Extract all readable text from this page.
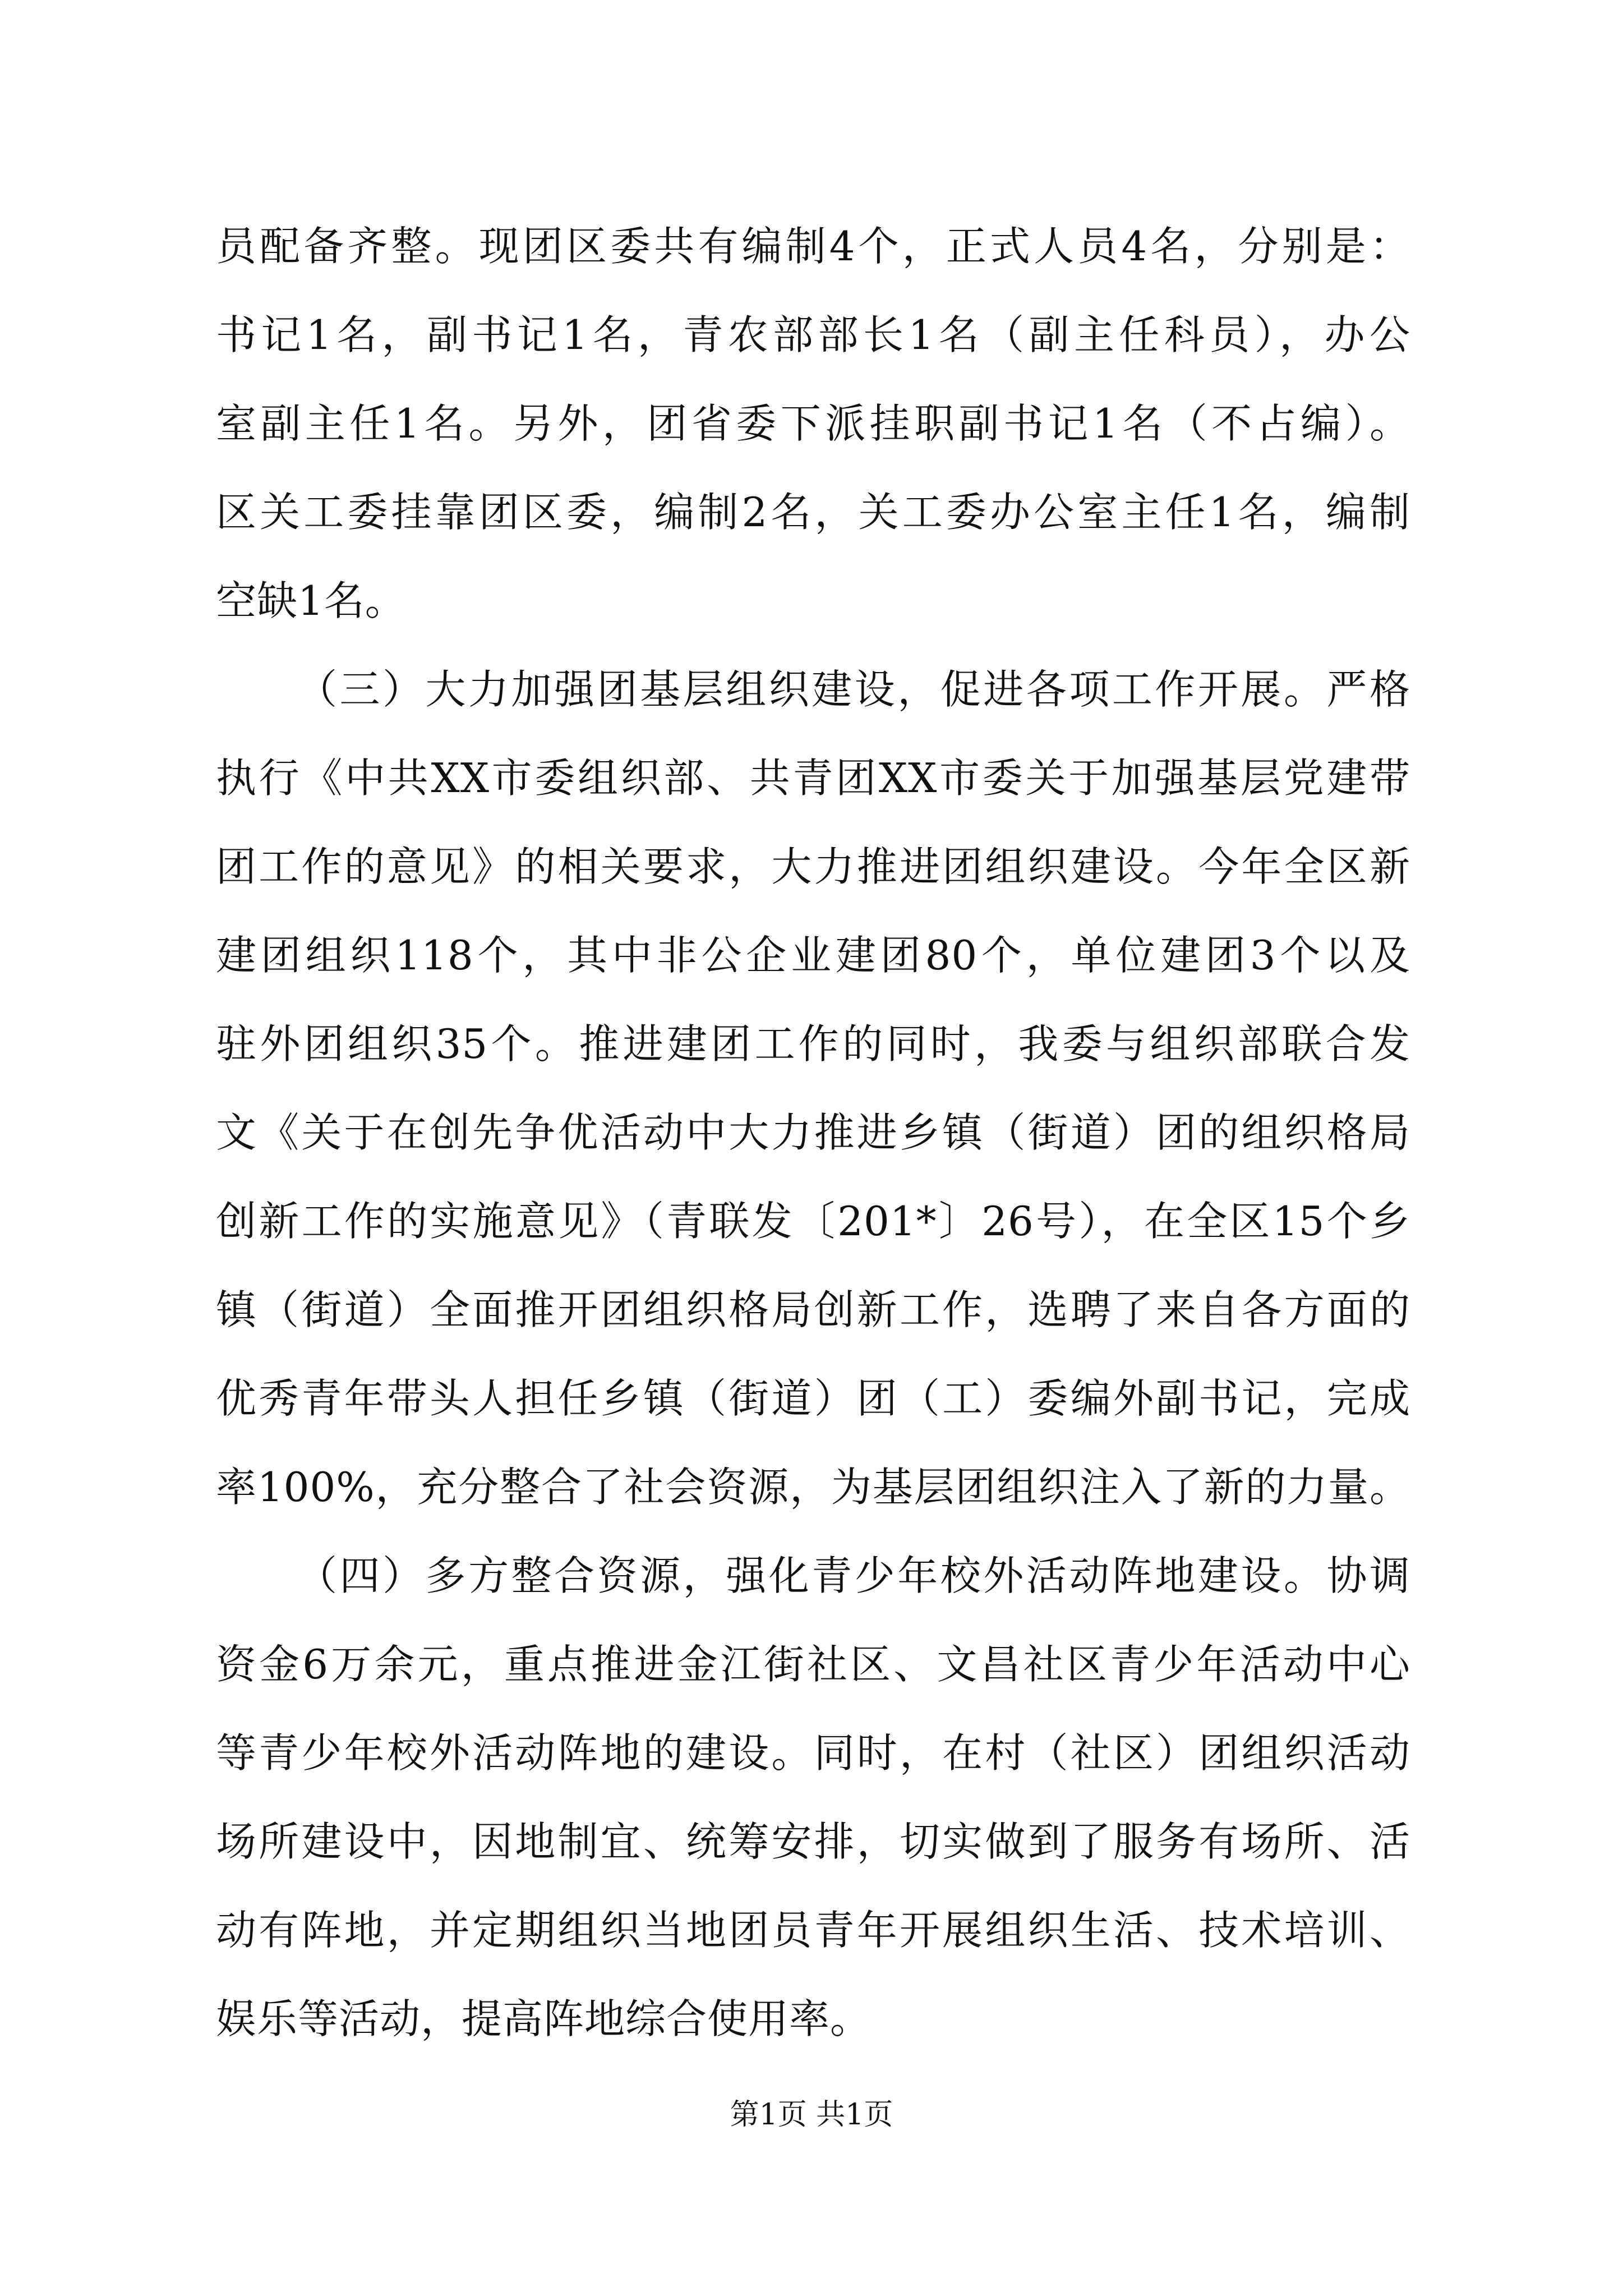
员配备齐整。现团区委共有编制4个，正式人员4名，分别是：
书记1名，副书记1名，青农部部长1名（副主任科员），办公
室副主任1名。另外，团省委下派挂职副书记1名（不占编）。
区关工委挂靠团区委，编制2名，关工委办公室主任1名，编制
空缺1名。
（三）大力加强团基层组织建设，促进各项工作开展。严格
执行《中共XX市委组织部、共青团XX市委关于加强基层党建带
团工作的意见》的相关要求，大力推进团组织建设。今年全区新
建团组织118个，其中非公企业建团80个，单位建团3个以及
驻外团组织35个。推进建团工作的同时，我委与组织部联合发
文《关于在创先争优活动中大力推进乡镇（街道）团的组织格局
创新工作的实施意见》（青联发〔201*〕26号），在全区15个乡
镇（街道）全面推开团组织格局创新工作，选聘了来自各方面的
优秀青年带头人担任乡镇（街道）团（工）委编外副书记，完成
率100%，充分整合了社会资源，为基层团组织注入了新的力量。
（四）多方整合资源，强化青少年校外活动阵地建设。协调
资金6万余元，重点推进金江街社区、文昌社区青少年活动中心
等青少年校外活动阵地的建设。同时，在村（社区）团组织活动
场所建设中，因地制宜、统筹安排，切实做到了服务有场所、活
动有阵地，并定期组织当地团员青年开展组织生活、技术培训、
娱乐等活动，提高阵地综合使用率。
第1页 共1页
